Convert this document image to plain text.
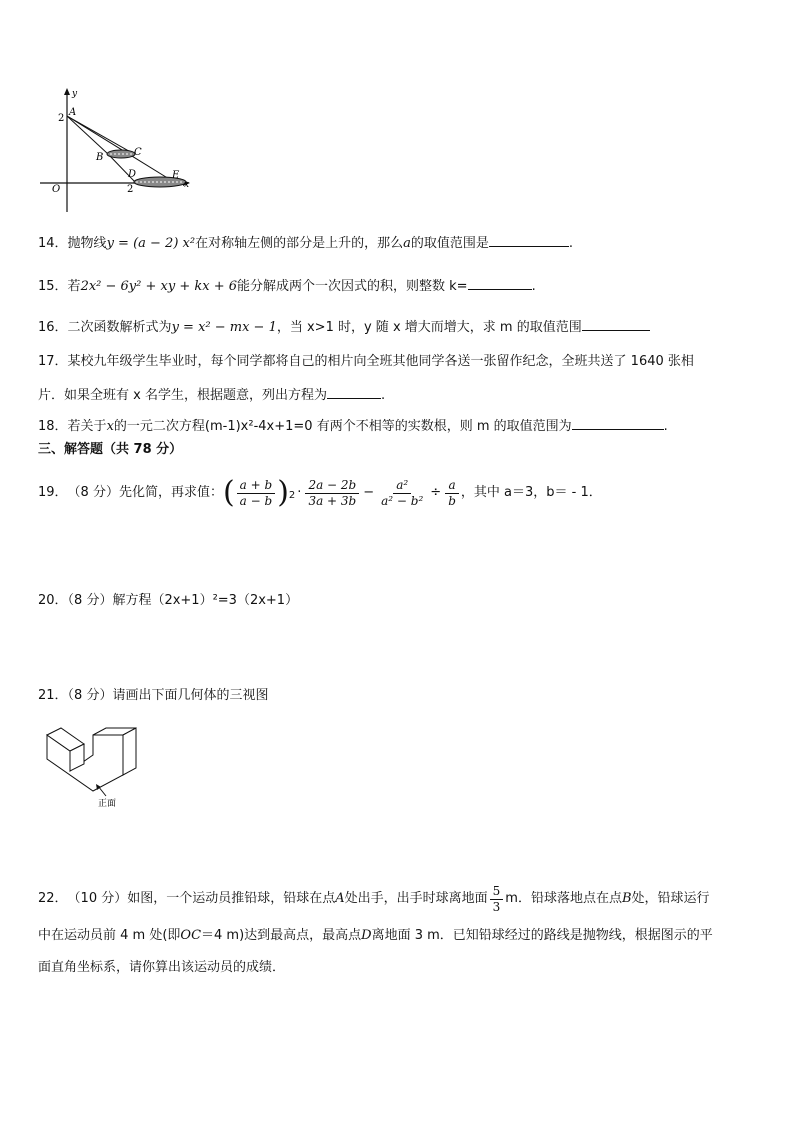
y
A
2
B	C
D	E
x
O	2
14．抛物线y = (a − 2) x²在对称轴左侧的部分是上升的，那么a的取值范围是	.
15．若2x² − 6y² + xy + kx + 6能分解成两个一次因式的积，则整数 k=	.
16．二次函数解析式为y = x² − mx − 1，当 x>1 时，y 随 x 增大而增大，求 m 的取值范围
17．某校九年级学生毕业时，每个同学都将自己的相片向全班其他同学各送一张留作纪念，全班共送了 1640 张相
片．如果全班有 x 名学生，根据题意，列出方程为	.
18．若关于x的一元二次方程(m-1)x²-4x+1=0 有两个不相等的实数根，则 m 的取值范围为	.
三、解答题（共 78 分）
19． （8 分）先化简，再求值： ( $\frac{a + b}{a - b} )_2 \cdot \frac{2a - 2b}{3a + 3b} - \frac{\text{a²}}{\text{a² − b²}} \div \frac{a}{b}$ ，其中 a＝3，b＝ - 1．
20．（8 分）解方程（2x+1）²=3（2x+1）
21．（8 分）请画出下面几何体的三视图
正面
22． （10 分）如图，一个运动员推铅球，铅球在点 A 处出手，出手时球离地面 $\frac{5}{3}$ m．铅球落地点在点 B 处，铅球运行
中在运动员前 4 m 处(即OC＝4 m)达到最高点，最高点D离地面 3 m．已知铅球经过的路线是抛物线，根据图示的平
面直角坐标系，请你算出该运动员的成绩．
